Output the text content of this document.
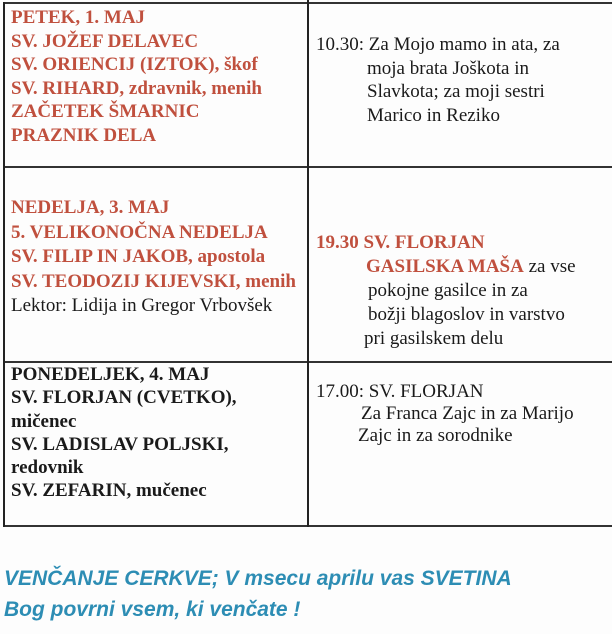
PETEK, 1. MAJ
SV. JOŽEF DELAVEC
SV. ORIENCIJ (IZTOK), škof
SV. RIHARD, zdravnik, menih
ZAČETEK ŠMARNIC
PRAZNIK DELA
10.30: Za Mojo mamo in ata, za
moja brata Joškota in
Slavkota; za moji sestri
Marico in Reziko
NEDELJA, 3. MAJ
5. VELIKONOČNA NEDELJA
SV. FILIP IN JAKOB, apostola
SV. TEODOZIJ KIJEVSKI, menih
Lektor: Lidija in Gregor Vrbovšek
19.30 SV. FLORJAN
GASILSKA MAŠA za vse
pokojne gasilce in za
božji blagoslov in varstvo
pri gasilskem delu
PONEDELJEK, 4. MAJ
SV. FLORJAN (CVETKO),
mičenec
SV. LADISLAV POLJSKI,
redovnik
SV. ZEFARIN, mučenec
17.00: SV. FLORJAN
Za Franca Zajc in za Marijo
Zajc in za sorodnike
VENČANJE CERKVE; V msecu aprilu vas SVETINA
Bog povrni vsem, ki venčate !
